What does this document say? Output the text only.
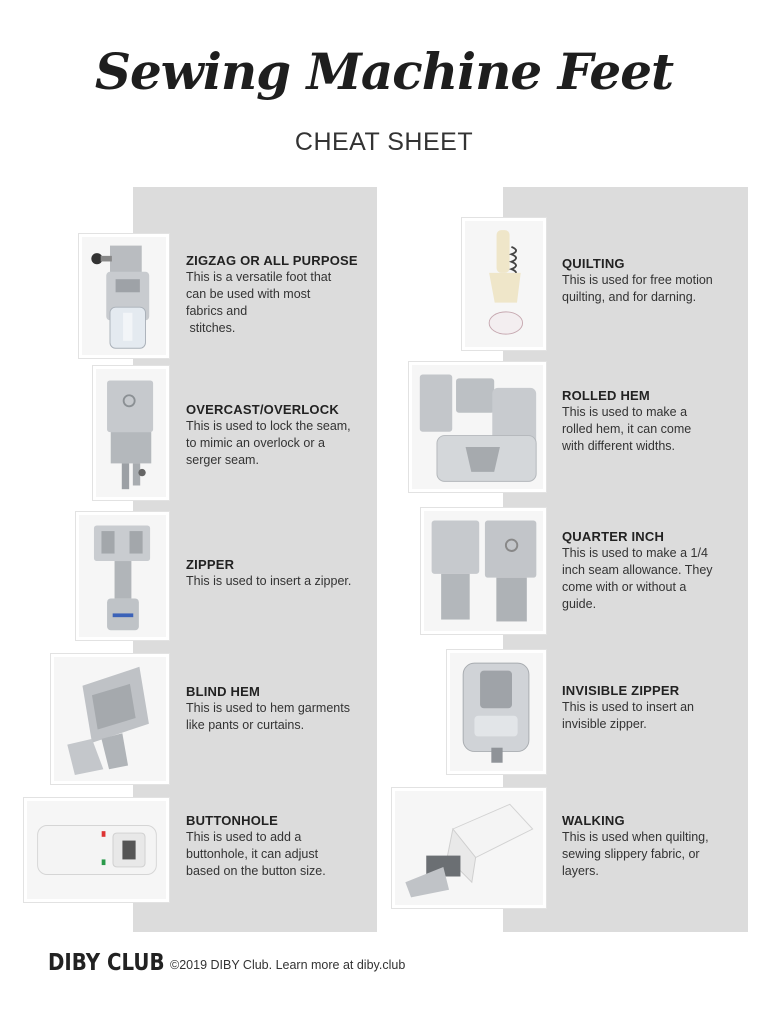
Sewing Machine Feet
CHEAT SHEET
ZIGZAG OR ALL PURPOSE
This is a versatile foot that
can be used with most
fabrics and
stitches.
OVERCAST/OVERLOCK
This is used to lock the seam,
to mimic an overlock or a
serger seam.
ZIPPER
This is used to insert a zipper.
BLIND HEM
This is used to hem garments
like pants or curtains.
BUTTONHOLE
This is used to add a
buttonhole, it can adjust
based on the button size.
QUILTING
This is used for free motion
quilting, and for darning.
ROLLED HEM
This is used to make a
rolled hem, it can come
with different widths.
QUARTER INCH
This is used to make a 1/4
inch seam allowance. They
come with or without a
guide.
INVISIBLE ZIPPER
This is used to insert an
invisible zipper.
WALKING
This is used when quilting,
sewing slippery fabric, or
layers.
DIBY CLUB ©2019 DIBY Club. Learn more at diby.club
